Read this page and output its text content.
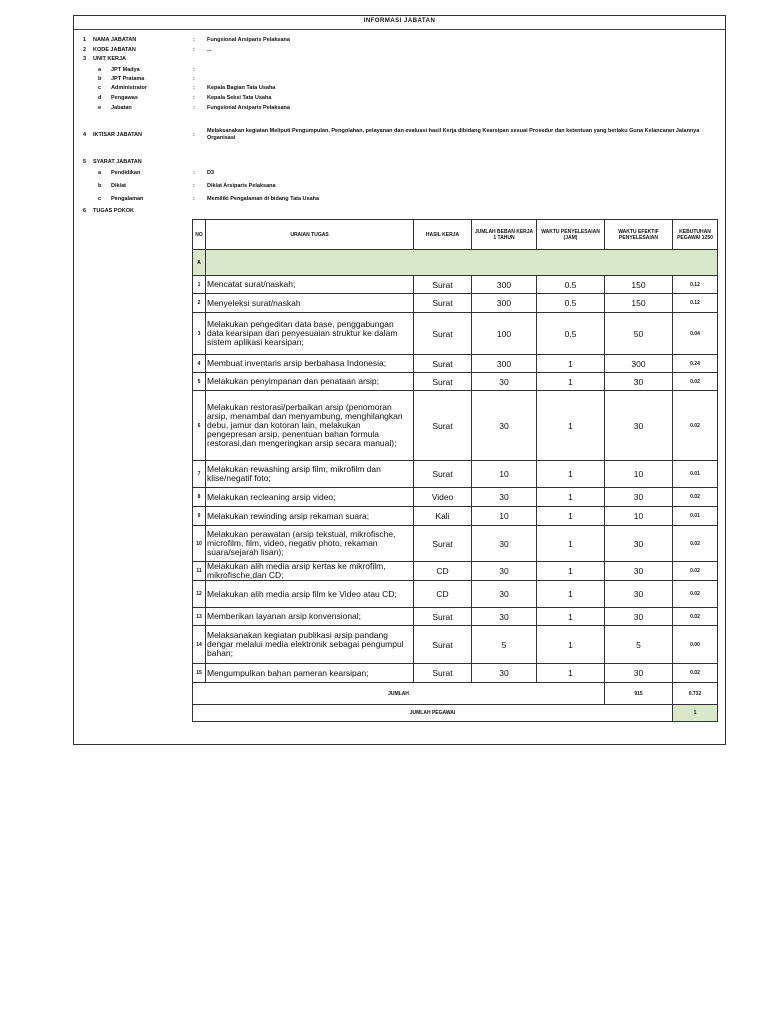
INFORMASI JABATAN
1 NAMA JABATAN	: Fungsional Arsiparis Pelaksana
2 KODE JABATAN	: ...
3 UNIT KERJA
a JPT Madya	:
b JPT Pratama	:
c Administrator	: Kepala Bagian Tata Usaha
d Pengawas	: Kepala Seksi Tata Usaha
e Jabatan	: Fungsional Arsiparis Pelaksana
4 IKTISAR JABATAN	:
Melaksanakan kegiatan Meliputi Pengumpulan, Pengolahan, pelayanan dan evaluasi hasil Kerja dibidang Kearsipan sesuai Prosedur dan ketentuan yang berlaku Guna Kelancaran Jalannya Organisasi
5 SYARAT JABATAN
a Pendidikan	: D3
b Diklat	: Diklat Arsiparis Pelaksana
c Pengalaman	: Memiliki Pengalaman di bidang Tata Usaha
6 TUGAS POKOK
NO	URAIAN TUGAS	HASIL KERJA	JUMLAH BEBAN KERJA 1 TAHUN	WAKTU PENYELESAIAN (JAM)	WAKTU EFEKTIF PENYELESAIAN	KEBUTUHAN PEGAWAI 1250
A						
1	Mencatat surat/naskah;	Surat	300	0.5	150	0.12
2	Menyeleksi surat/naskah	Surat	300	0.5	150	0.12
3	Melakukan pengeditan data base, penggabungan data kearsipan dan penyesuaian struktur ke dalam sistem aplikasi kearsipan;	Surat	100	0.5	50	0.04
4	Membuat inventaris arsip berbahasa Indonesia;	Surat	300	1	300	0.24
5	Melakukan penyimpanan dan penataan arsip;	Surat	30	1	30	0.02
6	Melakukan restorasi/perbaikan arsip (penomoran arsip, menambal dan menyambung, menghilangkan debu, jamur dan kotoran lain, melakukan pengepresan arsip, penentuan bahan formula restorasi,dan mengeringkan arsip secara manual);	Surat	30	1	30	0.02
7	Melakukan rewashing arsip film, mikrofilm dan klise/negatif foto;	Surat	10	1	10	0.01
8	Melakukan recleaning arsip video;	Video	30	1	30	0.02
9	Melakukan rewinding arsip rekaman suara;	Kali	10	1	10	0.01
10	Melakukan perawatan (arsip tekstual, mikrofische, microfilm, film, video, negativ photo, rekaman suara/sejarah lisan);	Surat	30	1	30	0.02
11	Melakukan alih media arsip kertas ke mikrofilm, mikrofische,dan CD;	CD	30	1	30	0.02
12	Melakukan alih media arsip film ke Video atau CD;	CD	30	1	30	0.02
13	Memberikan layanan arsip konvensional;	Surat	30	1	30	0.02
14	Melaksanakan kegiatan publikasi arsip pandang dengar melalui media elektronik sebagai pengumpul bahan;	Surat	5	1	5	0.00
15	Mengumpulkan bahan pameran kearsipan;	Surat	30	1	30	0.02
JUMLAH					915	0.732
JUMLAH PEGAWAI						1
